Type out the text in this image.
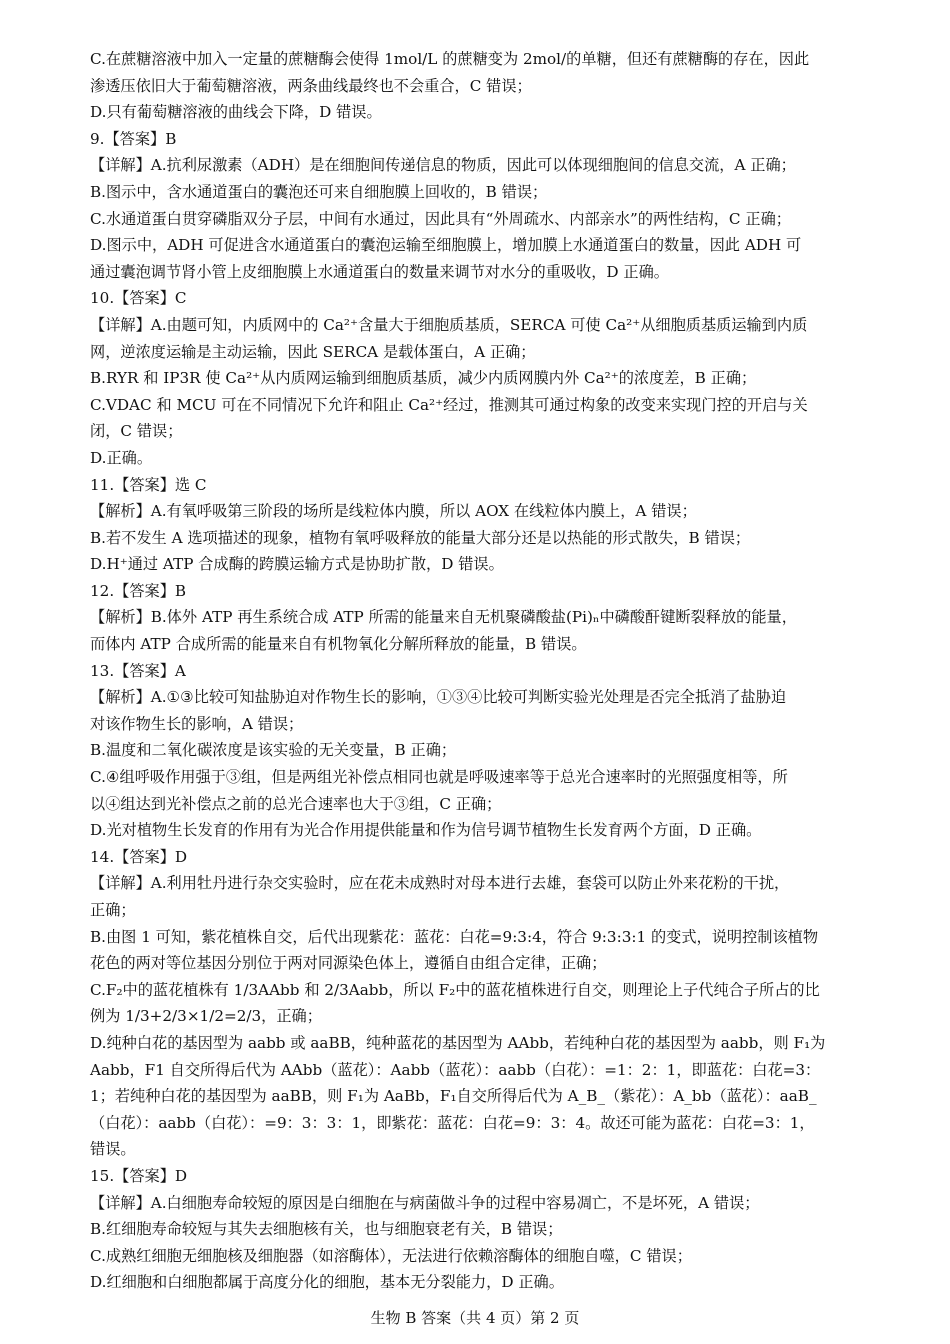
C.在蔗糖溶液中加入一定量的蔗糖酶会使得 1mol/L 的蔗糖变为 2mol/的单糖，但还有蔗糖酶的存在，因此
渗透压依旧大于葡萄糖溶液，两条曲线最终也不会重合，C 错误；
D.只有葡萄糖溶液的曲线会下降，D 错误。
9.【答案】B
【详解】A.抗利尿激素（ADH）是在细胞间传递信息的物质，因此可以体现细胞间的信息交流，A 正确；
B.图示中，含水通道蛋白的囊泡还可来自细胞膜上回收的，B 错误；
C.水通道蛋白贯穿磷脂双分子层，中间有水通过，因此具有“外周疏水、内部亲水”的两性结构，C 正确；
D.图示中，ADH 可促进含水通道蛋白的囊泡运输至细胞膜上，增加膜上水通道蛋白的数量，因此 ADH 可
通过囊泡调节肾小管上皮细胞膜上水通道蛋白的数量来调节对水分的重吸收，D 正确。
10.【答案】C
【详解】A.由题可知，内质网中的 Ca²⁺含量大于细胞质基质，SERCA 可使 Ca²⁺从细胞质基质运输到内质
网，逆浓度运输是主动运输，因此 SERCA 是载体蛋白，A 正确；
B.RYR 和 IP3R 使 Ca²⁺从内质网运输到细胞质基质，减少内质网膜内外 Ca²⁺的浓度差，B 正确；
C.VDAC 和 MCU 可在不同情况下允许和阻止 Ca²⁺经过，推测其可通过构象的改变来实现门控的开启与关
闭，C 错误；
D.正确。
11.【答案】选 C
【解析】A.有氧呼吸第三阶段的场所是线粒体内膜，所以 AOX 在线粒体内膜上，A 错误；
B.若不发生 A 选项描述的现象，植物有氧呼吸释放的能量大部分还是以热能的形式散失，B 错误；
D.H⁺通过 ATP 合成酶的跨膜运输方式是协助扩散，D 错误。
12.【答案】B
【解析】B.体外 ATP 再生系统合成 ATP 所需的能量来自无机聚磷酸盐(Pi)ₙ中磷酸酐键断裂释放的能量，
而体内 ATP 合成所需的能量来自有机物氧化分解所释放的能量，B 错误。
13.【答案】A
【解析】A.①③比较可知盐胁迫对作物生长的影响，①③④比较可判断实验光处理是否完全抵消了盐胁迫
对该作物生长的影响，A 错误；
B.温度和二氧化碳浓度是该实验的无关变量，B 正确；
C.④组呼吸作用强于③组，但是两组光补偿点相同也就是呼吸速率等于总光合速率时的光照强度相等，所
以④组达到光补偿点之前的总光合速率也大于③组，C 正确；
D.光对植物生长发育的作用有为光合作用提供能量和作为信号调节植物生长发育两个方面，D 正确。
14.【答案】D
【详解】A.利用牡丹进行杂交实验时，应在花未成熟时对母本进行去雄，套袋可以防止外来花粉的干扰，
正确；
B.由图 1 可知，紫花植株自交，后代出现紫花：蓝花：白花=9:3:4，符合 9:3:3:1 的变式，说明控制该植物
花色的两对等位基因分别位于两对同源染色体上，遵循自由组合定律，正确；
C.F₂中的蓝花植株有 1/3AAbb 和 2/3Aabb，所以 F₂中的蓝花植株进行自交，则理论上子代纯合子所占的比
例为 1/3+2/3×1/2=2/3，正确；
D.纯种白花的基因型为 aabb 或 aaBB，纯种蓝花的基因型为 AAbb，若纯种白花的基因型为 aabb，则 F₁为
Aabb，F1 自交所得后代为 AAbb（蓝花）：Aabb（蓝花）：aabb（白花）：=1：2：1，即蓝花：白花=3：
1；若纯种白花的基因型为 aaBB，则 F₁为 AaBb，F₁自交所得后代为 A_B_（紫花）：A_bb（蓝花）：aaB_
（白花）：aabb（白花）：=9：3：3：1，即紫花：蓝花：白花=9：3：4。故还可能为蓝花：白花=3：1，
错误。
15.【答案】D
【详解】A.白细胞寿命较短的原因是白细胞在与病菌做斗争的过程中容易凋亡，不是坏死，A 错误；
B.红细胞寿命较短与其失去细胞核有关，也与细胞衰老有关，B 错误；
C.成熟红细胞无细胞核及细胞器（如溶酶体），无法进行依赖溶酶体的细胞自噬，C 错误；
D.红细胞和白细胞都属于高度分化的细胞，基本无分裂能力，D 正确。
生物 B 答案（共 4 页）第 2 页
